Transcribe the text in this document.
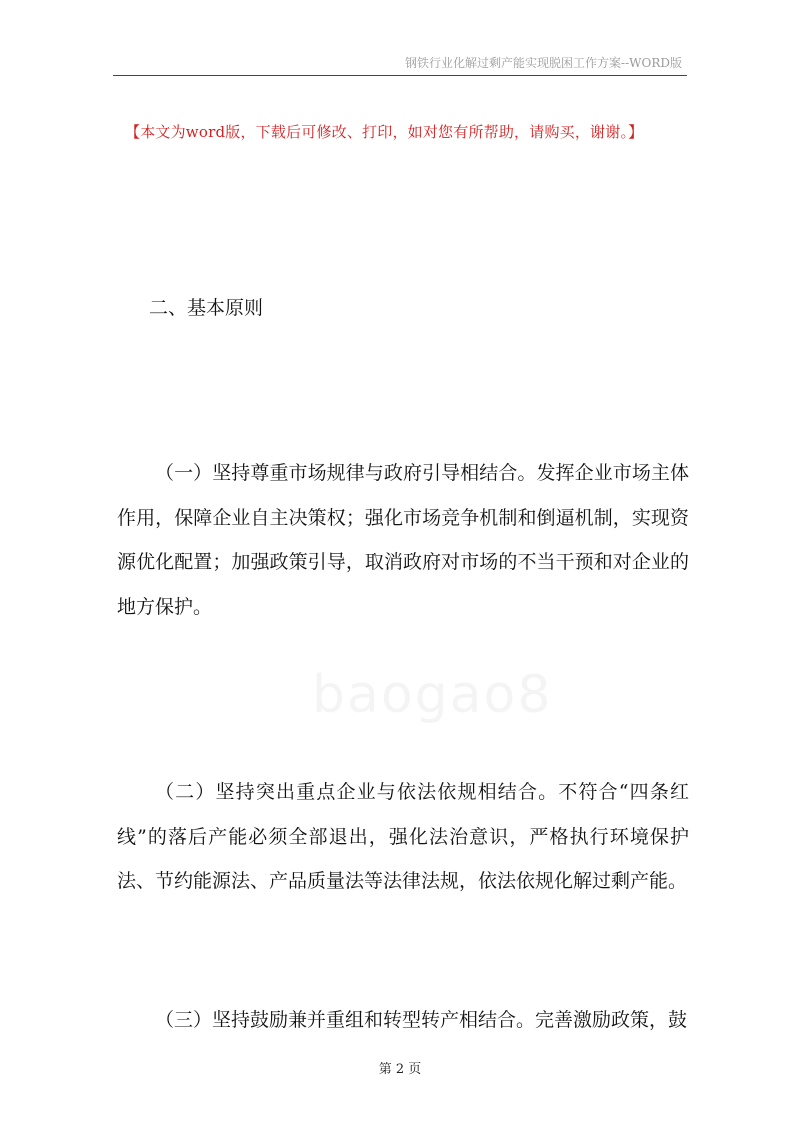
钢铁行业化解过剩产能实现脱困工作方案--WORD版
【本文为word版，下载后可修改、打印，如对您有所帮助，请购买，谢谢。】
二、基本原则

（一）坚持尊重市场规律与政府引导相结合。发挥企业市场主体作用，保障企业自主决策权；强化市场竞争机制和倒逼机制，实现资源优化配置；加强政策引导，取消政府对市场的不当干预和对企业的地方保护。

（二）坚持突出重点企业与依法依规相结合。不符合“四条红线”的落后产能必须全部退出，强化法治意识，严格执行环境保护法、节约能源法、产品质量法等法律法规，依法依规化解过剩产能。

（三）坚持鼓励兼并重组和转型转产相结合。完善激励政策，鼓

第 2 页
